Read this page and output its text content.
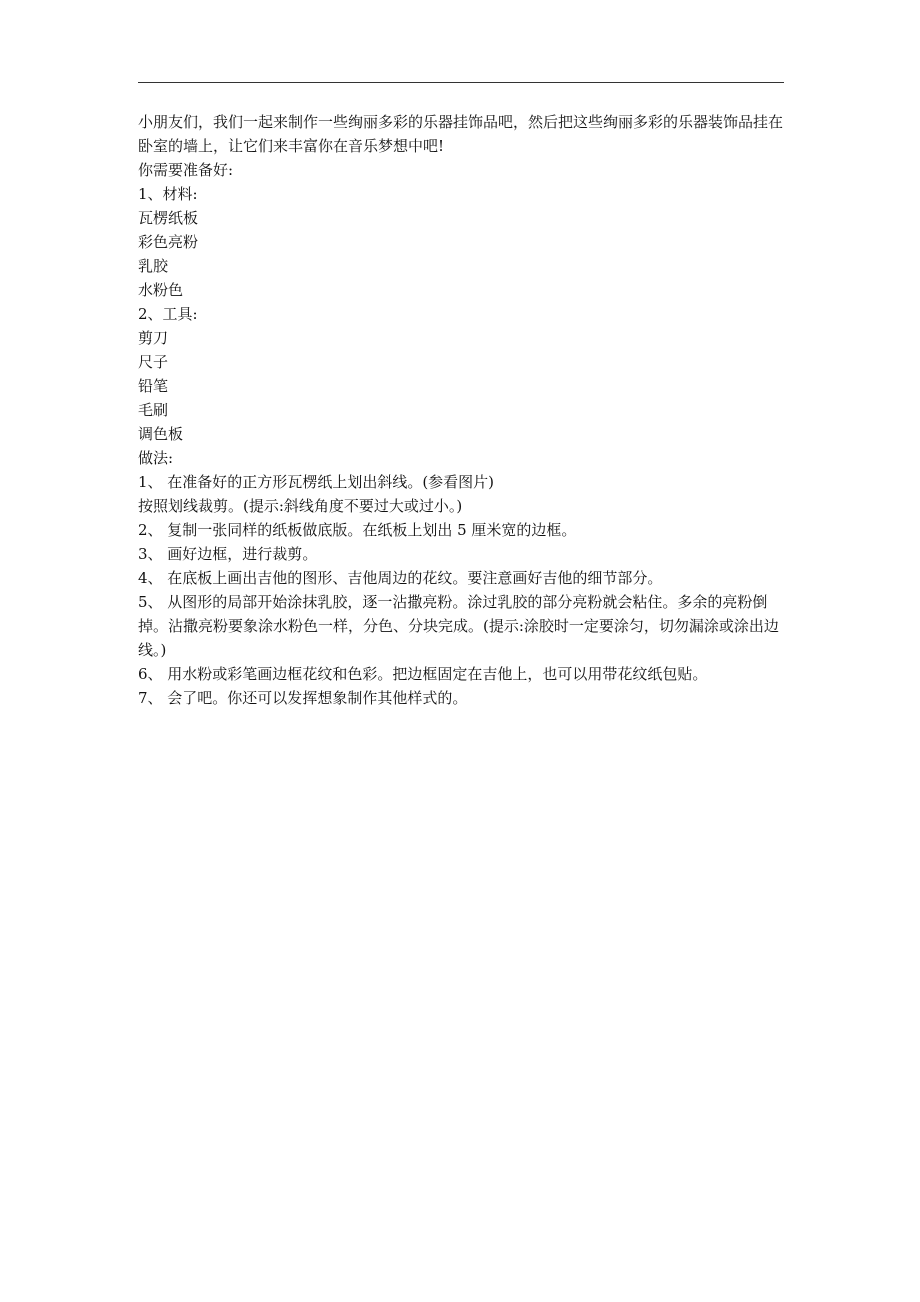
小朋友们，我们一起来制作一些绚丽多彩的乐器挂饰品吧，然后把这些绚丽多彩的乐器装饰品挂在卧室的墙上，让它们来丰富你在音乐梦想中吧!

你需要准备好:

1、材料:

瓦楞纸板

彩色亮粉

乳胶

水粉色

2、工具:

剪刀

尺子

铅笔

毛刷

调色板

做法:

1、 在准备好的正方形瓦楞纸上划出斜线。(参看图片)

按照划线裁剪。(提示:斜线角度不要过大或过小。)

2、 复制一张同样的纸板做底版。在纸板上划出 5 厘米宽的边框。

3、 画好边框，进行裁剪。

4、 在底板上画出吉他的图形、吉他周边的花纹。要注意画好吉他的细节部分。

5、 从图形的局部开始涂抹乳胶，逐一沾撒亮粉。涂过乳胶的部分亮粉就会粘住。多余的亮粉倒掉。沾撒亮粉要象涂水粉色一样，分色、分块完成。(提示:涂胶时一定要涂匀，切勿漏涂或涂出边线。)

6、 用水粉或彩笔画边框花纹和色彩。把边框固定在吉他上，也可以用带花纹纸包贴。

7、 会了吧。你还可以发挥想象制作其他样式的。
